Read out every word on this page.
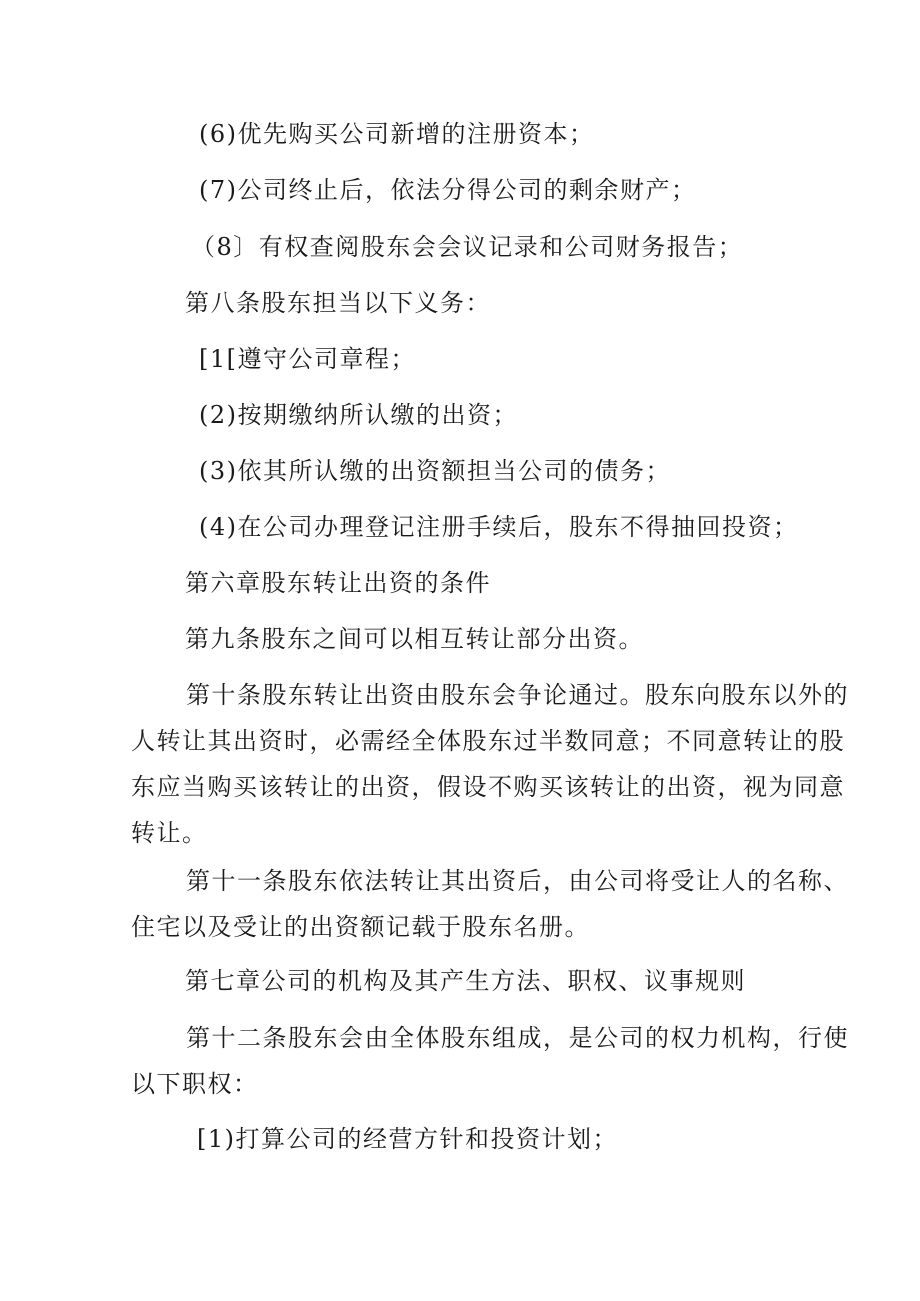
(6)优先购买公司新增的注册资本；
(7)公司终止后，依法分得公司的剩余财产；
（8〕有权查阅股东会会议记录和公司财务报告；
第八条股东担当以下义务：
[1[遵守公司章程；
(2)按期缴纳所认缴的出资；
(3)依其所认缴的出资额担当公司的债务；
(4)在公司办理登记注册手续后，股东不得抽回投资；
第六章股东转让出资的条件
第九条股东之间可以相互转让部分出资。
第十条股东转让出资由股东会争论通过。股东向股东以外的
人转让其出资时，必需经全体股东过半数同意；不同意转让的股
东应当购买该转让的出资，假设不购买该转让的出资，视为同意
转让。
第十一条股东依法转让其出资后，由公司将受让人的名称、
住宅以及受让的出资额记载于股东名册。
第七章公司的机构及其产生方法、职权、议事规则
第十二条股东会由全体股东组成，是公司的权力机构，行使
以下职权：
[1)打算公司的经营方针和投资计划；
